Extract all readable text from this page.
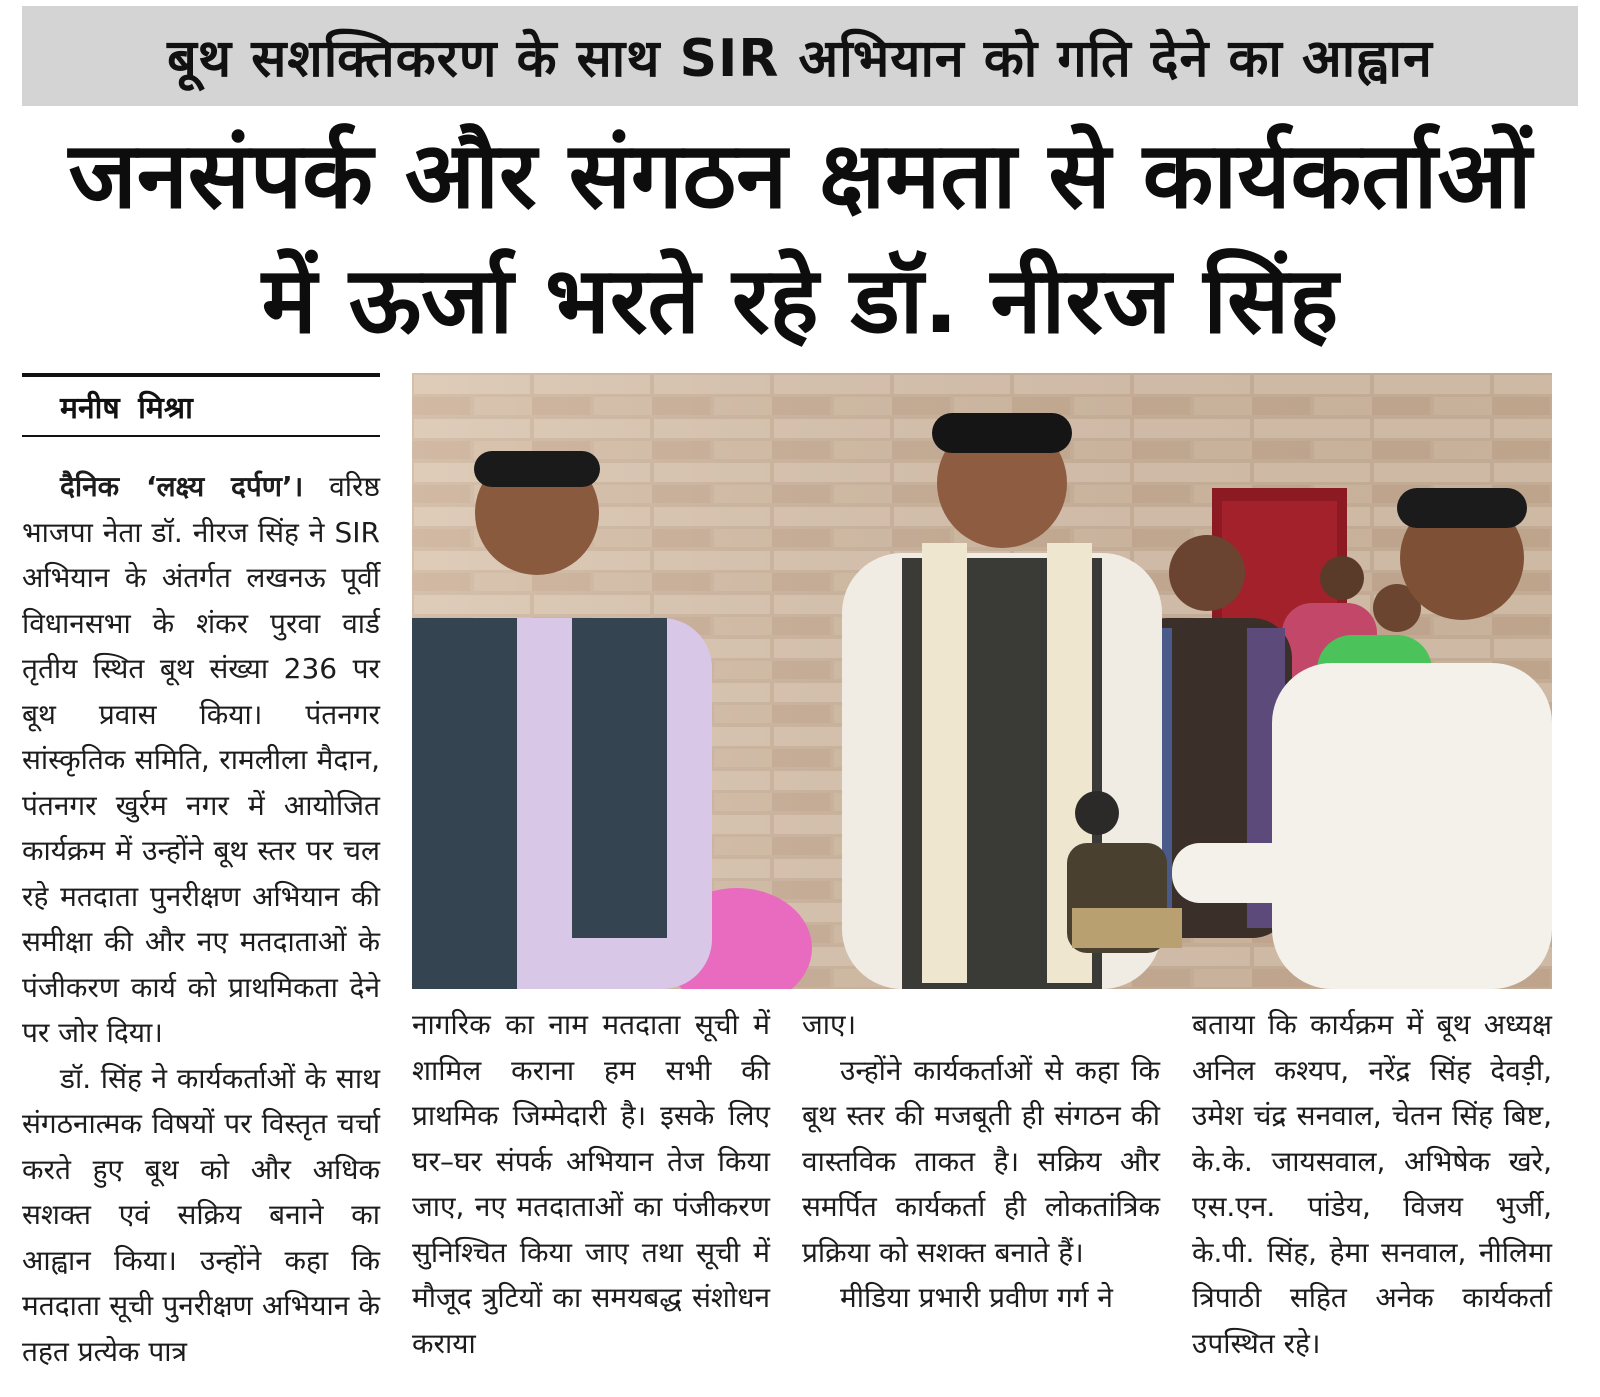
बूथ सशक्तिकरण के साथ SIR अभियान को गति देने का आह्वान
जनसंपर्क और संगठन क्षमता से कार्यकर्ताओं
में ऊर्जा भरते रहे डॉ. नीरज सिंह
मनीष मिश्रा

दैनिक ‘लक्ष्य दर्पण’। वरिष्ठ भाजपा नेता डॉ. नीरज सिंह ने SIR अभियान के अंतर्गत लखनऊ पूर्वी विधानसभा के शंकर पुरवा वार्ड तृतीय स्थित बूथ संख्या 236 पर बूथ प्रवास किया। पंतनगर सांस्कृतिक समिति, रामलीला मैदान, पंतनगर खुर्रम नगर में आयोजित कार्यक्रम में उन्होंने बूथ स्तर पर चल रहे मतदाता पुनरीक्षण अभियान की समीक्षा की और नए मतदाताओं के पंजीकरण कार्य को प्राथमिकता देने पर जोर दिया।

डॉ. सिंह ने कार्यकर्ताओं के साथ संगठनात्मक विषयों पर विस्तृत चर्चा करते हुए बूथ को और अधिक सशक्त एवं सक्रिय बनाने का आह्वान किया। उन्होंने कहा कि मतदाता सूची पुनरीक्षण अभियान के तहत प्रत्येक पात्र

नागरिक का नाम मतदाता सूची में शामिल कराना हम सभी की प्राथमिक जिम्मेदारी है। इसके लिए घर–घर संपर्क अभियान तेज किया जाए, नए मतदाताओं का पंजीकरण सुनिश्चित किया जाए तथा सूची में मौजूद त्रुटियों का समयबद्ध संशोधन कराया

जाए।

उन्होंने कार्यकर्ताओं से कहा कि बूथ स्तर की मजबूती ही संगठन की वास्तविक ताकत है। सक्रिय और समर्पित कार्यकर्ता ही लोकतांत्रिक प्रक्रिया को सशक्त बनाते हैं।

मीडिया प्रभारी प्रवीण गर्ग ने

बताया कि कार्यक्रम में बूथ अध्यक्ष अनिल कश्यप, नरेंद्र सिंह देवड़ी, उमेश चंद्र सनवाल, चेतन सिंह बिष्ट, के.के. जायसवाल, अभिषेक खरे, एस.एन. पांडेय, विजय भुर्जी, के.पी. सिंह, हेमा सनवाल, नीलिमा त्रिपाठी सहित अनेक कार्यकर्ता उपस्थित रहे।
